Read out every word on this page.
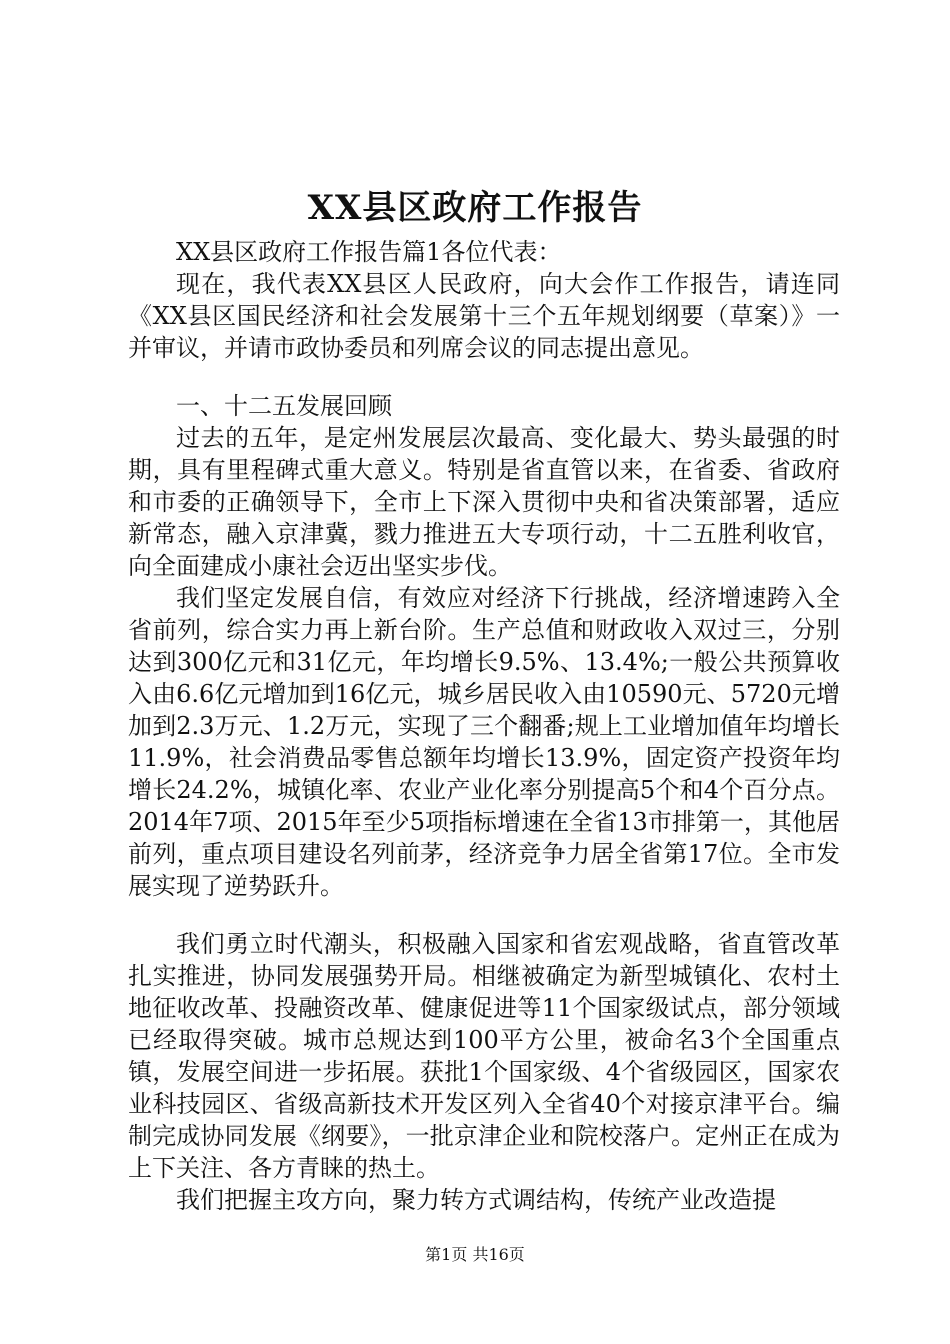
XX县区政府工作报告

XX县区政府工作报告篇1各位代表：

现在，我代表XX县区人民政府，向大会作工作报告，请连同《XX县区国民经济和社会发展第十三个五年规划纲要（草案）》一并审议，并请市政协委员和列席会议的同志提出意见。

一、十二五发展回顾

过去的五年，是定州发展层次最高、变化最大、势头最强的时期，具有里程碑式重大意义。特别是省直管以来，在省委、省政府和市委的正确领导下，全市上下深入贯彻中央和省决策部署，适应新常态，融入京津冀，戮力推进五大专项行动，十二五胜利收官，向全面建成小康社会迈出坚实步伐。

我们坚定发展自信，有效应对经济下行挑战，经济增速跨入全省前列，综合实力再上新台阶。生产总值和财政收入双过三，分别达到300亿元和31亿元，年均增长9.5%、13.4%;一般公共预算收入由6.6亿元增加到16亿元，城乡居民收入由10590元、5720元增加到2.3万元、1.2万元，实现了三个翻番;规上工业增加值年均增长11.9%，社会消费品零售总额年均增长13.9%，固定资产投资年均增长24.2%，城镇化率、农业产业化率分别提高5个和4个百分点。2014年7项、2015年至少5项指标增速在全省13市排第一，其他居前列，重点项目建设名列前茅，经济竞争力居全省第17位。全市发展实现了逆势跃升。

我们勇立时代潮头，积极融入国家和省宏观战略，省直管改革扎实推进，协同发展强势开局。相继被确定为新型城镇化、农村土地征收改革、投融资改革、健康促进等11个国家级试点，部分领域已经取得突破。城市总规达到100平方公里，被命名3个全国重点镇，发展空间进一步拓展。获批1个国家级、4个省级园区，国家农业科技园区、省级高新技术开发区列入全省40个对接京津平台。编制完成协同发展《纲要》，一批京津企业和院校落户。定州正在成为上下关注、各方青睐的热土。

我们把握主攻方向，聚力转方式调结构，传统产业改造提

第1页 共16页
